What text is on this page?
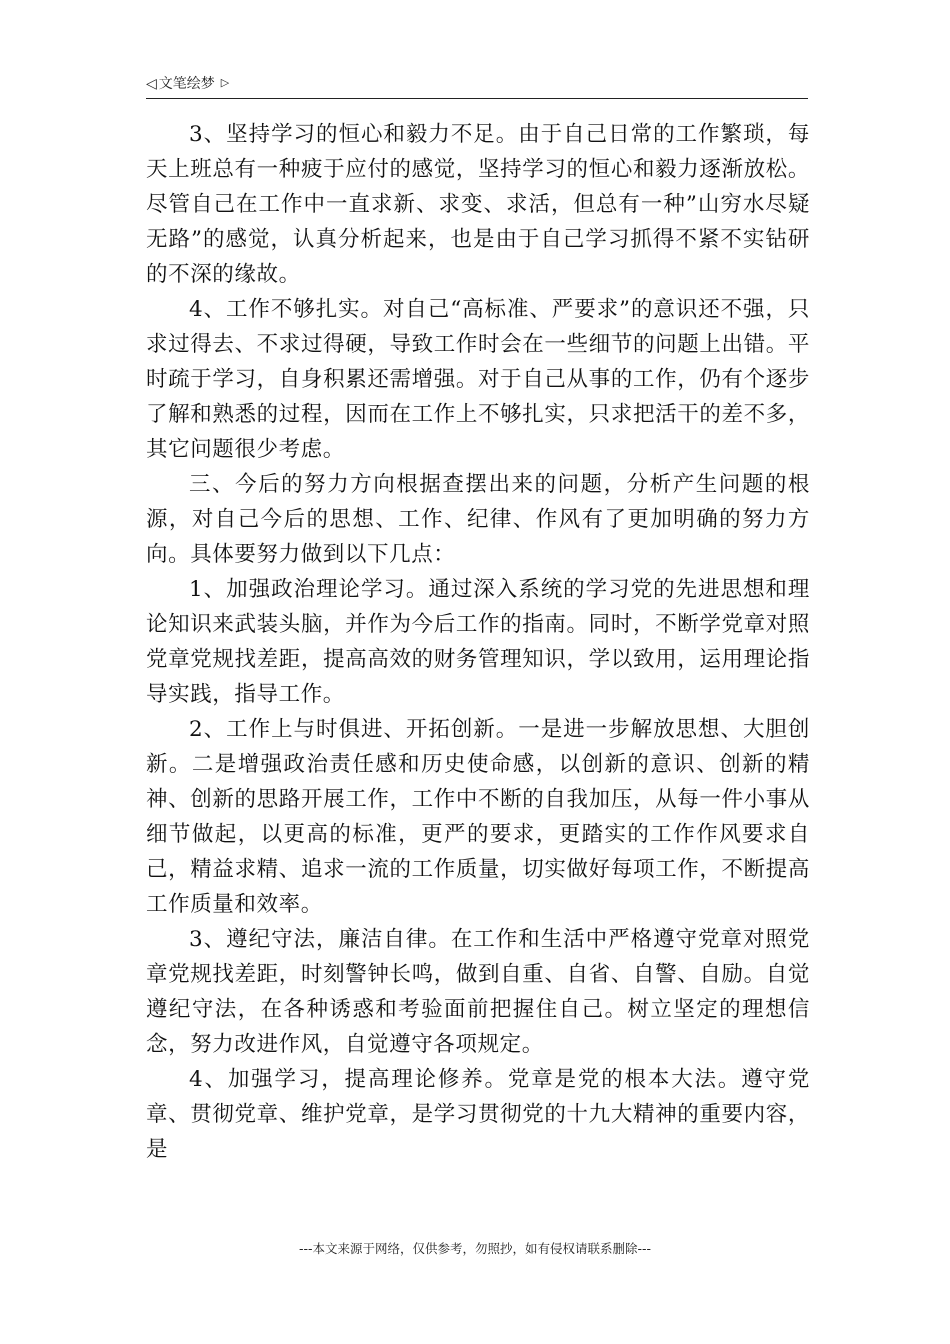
◁ 文笔绘梦 ▷

3、坚持学习的恒心和毅力不足。由于自己日常的工作繁琐，每天上班总有一种疲于应付的感觉，坚持学习的恒心和毅力逐渐放松。尽管自己在工作中一直求新、求变、求活，但总有一种”山穷水尽疑无路”的感觉，认真分析起来，也是由于自己学习抓得不紧不实钻研的不深的缘故。

4、工作不够扎实。对自己“高标准、严要求”的意识还不强，只求过得去、不求过得硬，导致工作时会在一些细节的问题上出错。平时疏于学习，自身积累还需增强。对于自己从事的工作，仍有个逐步了解和熟悉的过程，因而在工作上不够扎实，只求把活干的差不多，其它问题很少考虑。

三、今后的努力方向根据查摆出来的问题，分析产生问题的根源，对自己今后的思想、工作、纪律、作风有了更加明确的努力方向。具体要努力做到以下几点：

1、加强政治理论学习。通过深入系统的学习党的先进思想和理论知识来武装头脑，并作为今后工作的指南。同时，不断学党章对照党章党规找差距，提高高效的财务管理知识，学以致用，运用理论指导实践，指导工作。

2、工作上与时俱进、开拓创新。一是进一步解放思想、大胆创新。二是增强政治责任感和历史使命感，以创新的意识、创新的精神、创新的思路开展工作，工作中不断的自我加压，从每一件小事从细节做起，以更高的标准，更严的要求，更踏实的工作作风要求自己，精益求精、追求一流的工作质量，切实做好每项工作，不断提高工作质量和效率。

3、遵纪守法，廉洁自律。在工作和生活中严格遵守党章对照党章党规找差距，时刻警钟长鸣，做到自重、自省、自警、自励。自觉遵纪守法，在各种诱惑和考验面前把握住自己。树立坚定的理想信念，努力改进作风，自觉遵守各项规定。

4、加强学习，提高理论修养。党章是党的根本大法。遵守党章、贯彻党章、维护党章，是学习贯彻党的十九大精神的重要内容，是

---本文来源于网络，仅供参考，勿照抄，如有侵权请联系删除---
